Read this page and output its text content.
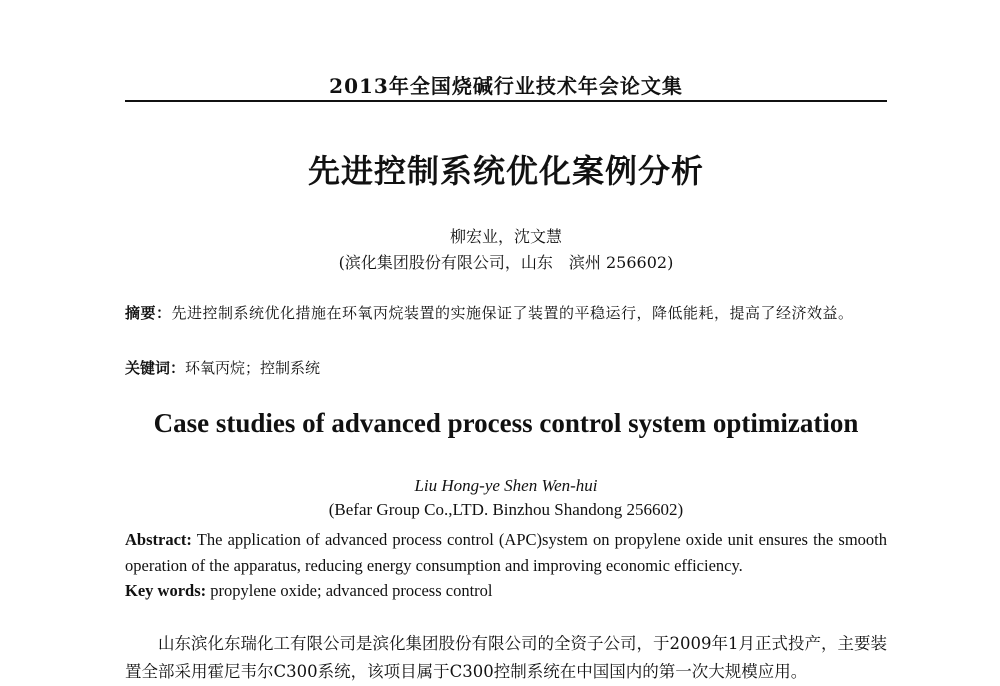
2013年全国烧碱行业技术年会论文集
先进控制系统优化案例分析
柳宏业，沈文慧
(滨化集团股份有限公司，山东　滨州 256602)
摘要：先进控制系统优化措施在环氧丙烷装置的实施保证了装置的平稳运行，降低能耗，提高了经济效益。
关键词：环氧丙烷；控制系统
Case studies of advanced process control system optimization
Liu Hong-ye Shen Wen-hui
(Befar Group Co.,LTD. Binzhou Shandong 256602)
Abstract: The application of advanced process control (APC)system on propylene oxide unit ensures the smooth operation of the apparatus, reducing energy consumption and improving economic efficiency.
Key words: propylene oxide; advanced process control
山东滨化东瑞化工有限公司是滨化集团股份有限公司的全资子公司，于2009年1月正式投产，主要装置全部采用霍尼韦尔C300系统，该项目属于C300控制系统在中国国内的第一次大规模应用。
